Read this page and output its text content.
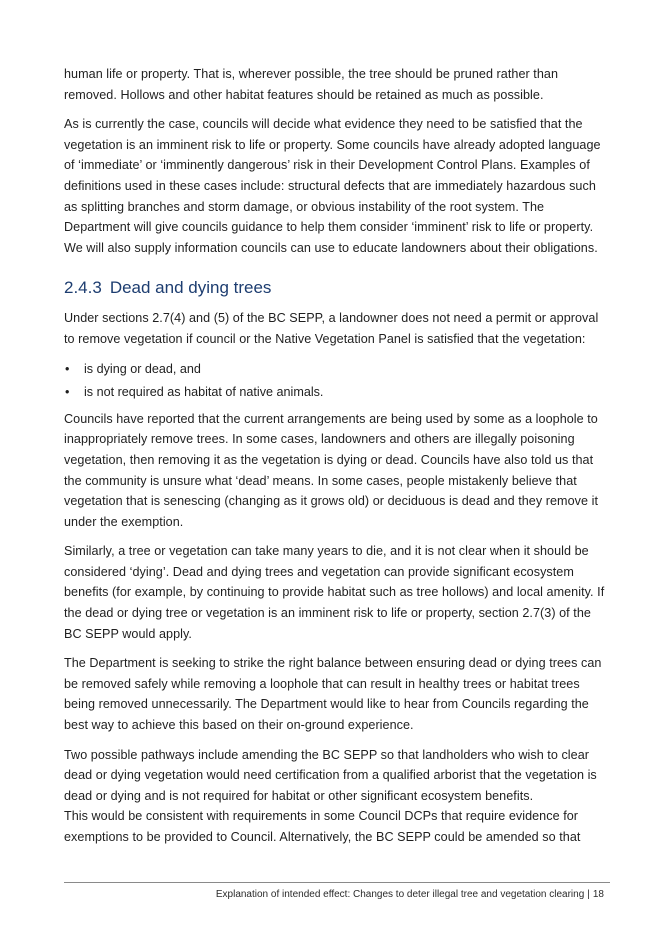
human life or property. That is, wherever possible, the tree should be pruned rather than removed. Hollows and other habitat features should be retained as much as possible.

As is currently the case, councils will decide what evidence they need to be satisfied that the vegetation is an imminent risk to life or property. Some councils have already adopted language of ‘immediate’ or ‘imminently dangerous’ risk in their Development Control Plans. Examples of definitions used in these cases include: structural defects that are immediately hazardous such as splitting branches and storm damage, or obvious instability of the root system. The Department will give councils guidance to help them consider ‘imminent’ risk to life or property. We will also supply information councils can use to educate landowners about their obligations.

2.4.3 Dead and dying trees

Under sections 2.7(4) and (5) of the BC SEPP, a landowner does not need a permit or approval to remove vegetation if council or the Native Vegetation Panel is satisfied that the vegetation:

• is dying or dead, and
• is not required as habitat of native animals.

Councils have reported that the current arrangements are being used by some as a loophole to inappropriately remove trees. In some cases, landowners and others are illegally poisoning vegetation, then removing it as the vegetation is dying or dead. Councils have also told us that the community is unsure what ‘dead’ means. In some cases, people mistakenly believe that vegetation that is senescing (changing as it grows old) or deciduous is dead and they remove it under the exemption.

Similarly, a tree or vegetation can take many years to die, and it is not clear when it should be considered ‘dying’. Dead and dying trees and vegetation can provide significant ecosystem benefits (for example, by continuing to provide habitat such as tree hollows) and local amenity. If the dead or dying tree or vegetation is an imminent risk to life or property, section 2.7(3) of the BC SEPP would apply.

The Department is seeking to strike the right balance between ensuring dead or dying trees can be removed safely while removing a loophole that can result in healthy trees or habitat trees being removed unnecessarily. The Department would like to hear from Councils regarding the best way to achieve this based on their on-ground experience.

Two possible pathways include amending the BC SEPP so that landholders who wish to clear dead or dying vegetation would need certification from a qualified arborist that the vegetation is dead or dying and is not required for habitat or other significant ecosystem benefits.

This would be consistent with requirements in some Council DCPs that require evidence for exemptions to be provided to Council. Alternatively, the BC SEPP could be amended so that

Explanation of intended effect: Changes to deter illegal tree and vegetation clearing | 18
